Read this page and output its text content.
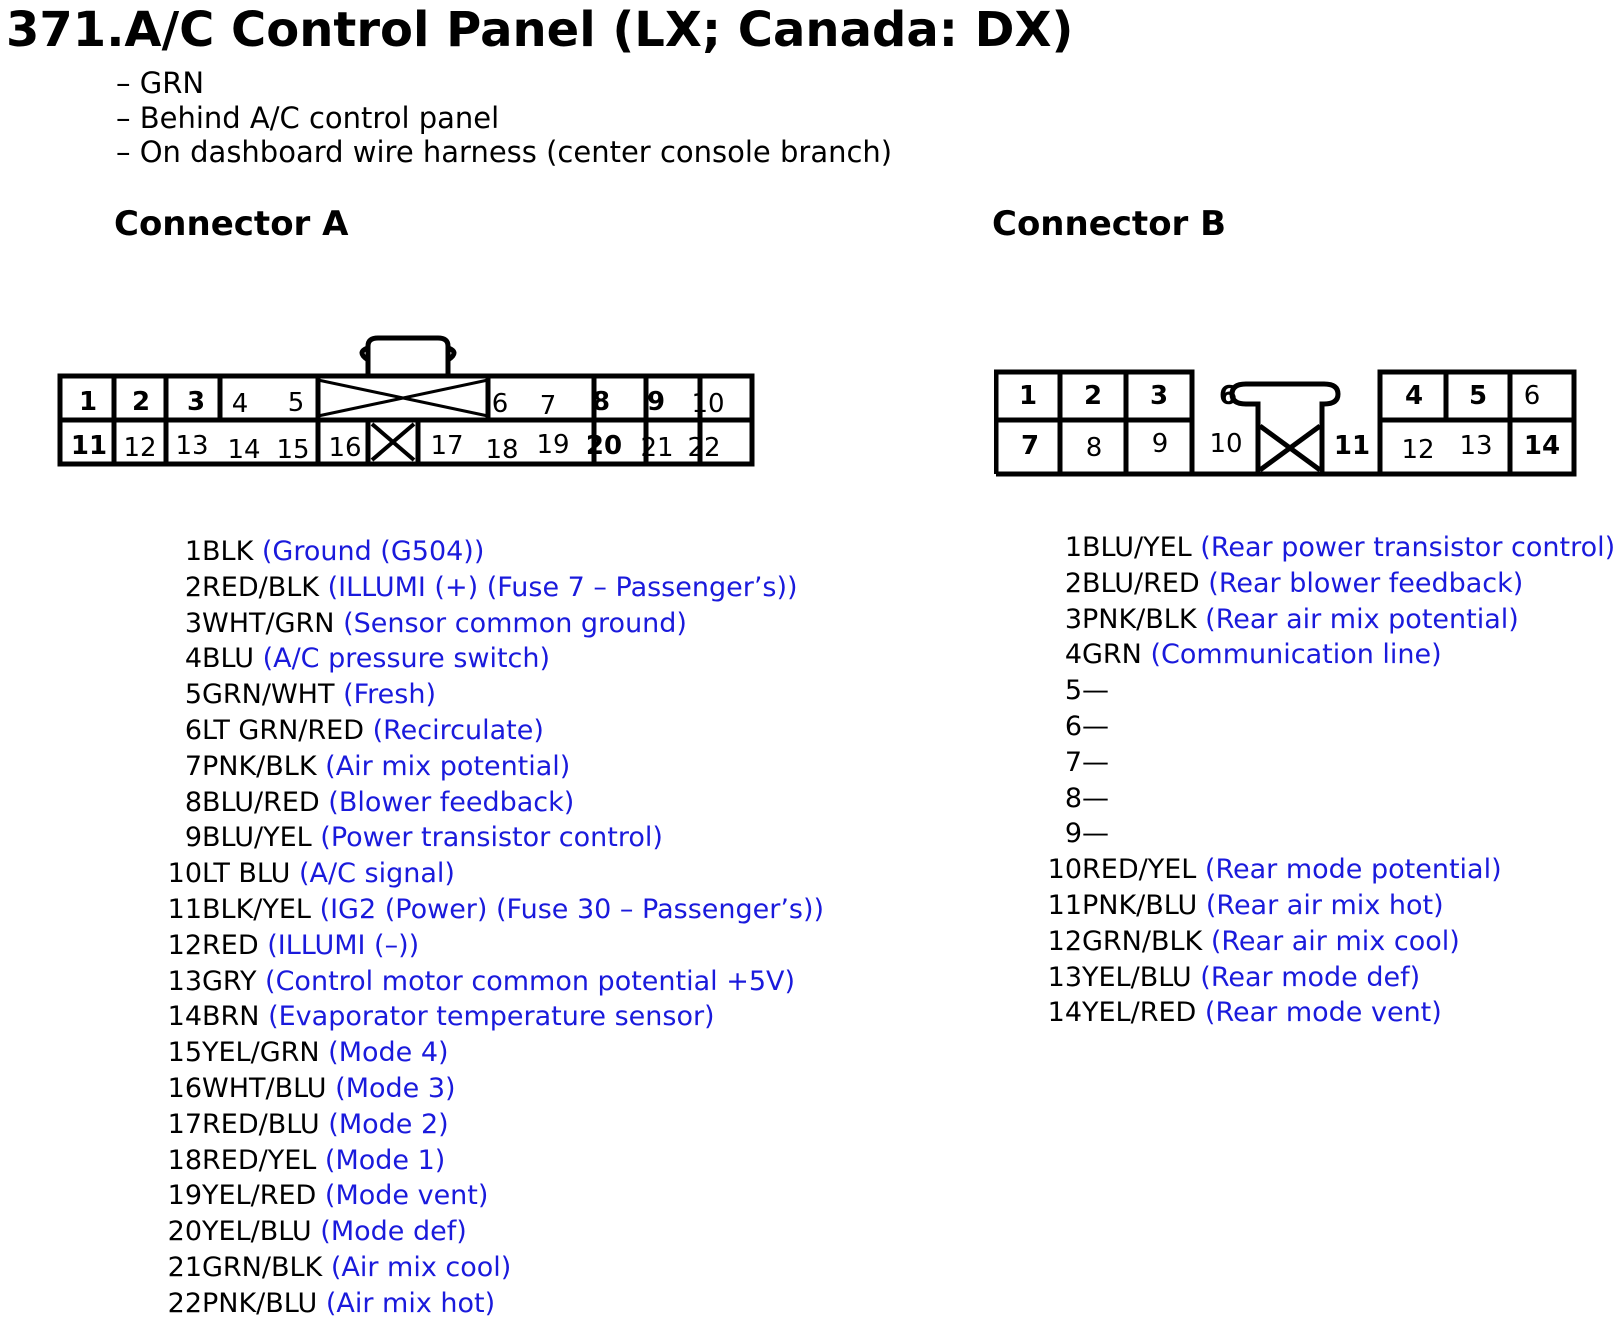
371.A/C Control Panel (LX; Canada: DX)
– GRN
– Behind A/C control panel
– On dashboard wire harness (center console branch)
Connector A	Connector B
1 2 3 4 5	6 7 8 9 10
11 12 13 14 15 16	17 18 19 20 21 22
1 2 3 6	4 5 6
7 8 9 10	11 12 13 14
1BLK (Ground (G504))
2RED/BLK (ILLUMI (+) (Fuse 7 – Passenger’s))
3WHT/GRN (Sensor common ground)
4BLU (A/C pressure switch)
5GRN/WHT (Fresh)
6LT GRN/RED (Recirculate)
7PNK/BLK (Air mix potential)
8BLU/RED (Blower feedback)
9BLU/YEL (Power transistor control)
10LT BLU (A/C signal)
11BLK/YEL (IG2 (Power) (Fuse 30 – Passenger’s))
12RED (ILLUMI (–))
13GRY (Control motor common potential +5V)
14BRN (Evaporator temperature sensor)
15YEL/GRN (Mode 4)
16WHT/BLU (Mode 3)
17RED/BLU (Mode 2)
18RED/YEL (Mode 1)
19YEL/RED (Mode vent)
20YEL/BLU (Mode def)
21GRN/BLK (Air mix cool)
22PNK/BLU (Air mix hot)
1BLU/YEL (Rear power transistor control)
2BLU/RED (Rear blower feedback)
3PNK/BLK (Rear air mix potential)
4GRN (Communication line)
5—
6—
7—
8—
9—
10RED/YEL (Rear mode potential)
11PNK/BLU (Rear air mix hot)
12GRN/BLK (Rear air mix cool)
13YEL/BLU (Rear mode def)
14YEL/RED (Rear mode vent)
